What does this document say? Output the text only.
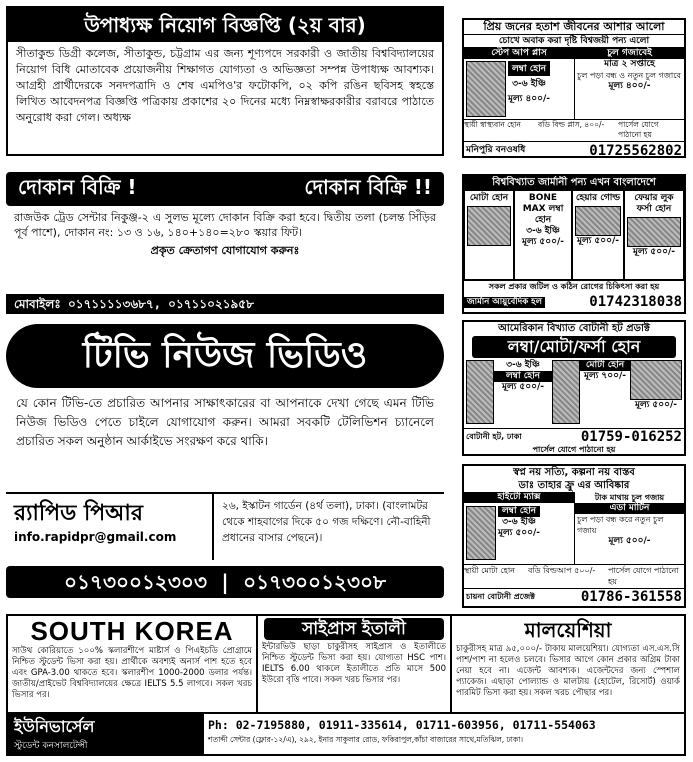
উপাধ্যক্ষ নিয়োগ বিজ্ঞপ্তি (২য় বার)
সীতাকুন্ড ডিগ্রী কলেজ, সীতাকুন্ড, চট্টগ্রাম এর জন্য শূণ্যপদে সরকারী ও জাতীয় বিশ্ববিদ্যালয়ের নিয়োগ বিধি মোতাবেক প্রয়োজনীয় শিক্ষাগত যোগ্যতা ও অভিজ্ঞতা সম্পন্ন উপাধ্যক্ষ আবশ্যক। আগ্রহী প্রার্থীদেরকে সনদপত্রাদি ও শেষ এমপিও'র ফটোকপি, ০২ কপি রঙিন ছবিসহ স্বহস্তে লিখিত আবেদনপত্র বিজ্ঞপ্তি পত্রিকায় প্রকাশের ২০ দিনের মধ্যে নিম্নস্বাক্ষরকারীর বরাবরে পাঠাতে অনুরোধ করা গেল। অধ্যক্ষ
দোকান বিক্রি !	দোকান বিক্রি !!
রাজউক ট্রেড সেন্টার নিকুঞ্জ-২ এ সুলভ মূল্যে দোকান বিক্রি করা হবে। দ্বিতীয় তলা (চলন্ত সিঁড়ির পূর্ব পাশে), দোকান নং: ১৩ ও ১৬, ১৪০+১৪০=২৮০ স্কয়ার ফিট।
প্রকৃত ক্রেতাগণ যোগাযোগ করুনঃ
মোবাইলঃ ০১৭১১১১৩৬৮৭, ০১৭১১০২১৯৫৮
টিভি নিউজ ভিডিও
যে কোন টিভি-তে প্রচারিত আপনার সাক্ষাৎকারের বা আপনাকে দেখা গেছে এমন টিভি নিউজ ভিডিও পেতে চাইলে যোগাযোগ করুন। আমরা সবকটি টেলিভিশন চ্যানেলে প্রচারিত সকল অনুষ্ঠান আর্কাইভে সংরক্ষণ করে থাকি।
র‍্যাপিড পিআর
info.rapidpr@gmail.com
২৬, ইস্কাটন গার্ডেন (৪র্থ তলা), ঢাকা। (বাংলামটর থেকে শাহবাগের দিকে ৫০ গজ দক্ষিণে। নৌ-বাহিনী প্রধানের বাসার পেছনে)।
০১৭৩০০১২৩০৩ | ০১৭৩০০১২৩০৮
প্রিয় জনের হতাশ জীবনের আশার আলো
চোখে অবাক করা দৃষ্টি বিশ্বজয়ী পন্য এলো
স্টেপ আপ প্লাস
লম্বা হোন
৩-৬ ইঞ্চি
মূল্য ৪০০/-
চুল গজাবেই
মাত্র ২ সপ্তাহে
চুল পড়া বন্ধ ও নতুন চুল গজাবে
মূল্য ৪০০/-
স্থায়ী স্বাস্থ্যবান হোন	বডি বিল্ড প্লাস, ৪০০/-	পার্সেল যোগে পাঠানো হয়
মনিপুরি বনওষধি	01725562802
বিশ্ববিখ্যাত জার্মানী পন্য এখন বাংলাদেশে
মোটা হোন	BONE MAX লম্বা হোন
৩-৬ ইঞ্চি
মূল্য ৫০০/-
হেয়ার গোল্ড
মূল্য ৫০০/-
ফেয়ার লুক ফর্সা হোন
মূল্য ৫০০/-
সকল প্রকার জটিল ও কঠিন রোগের চিকিৎসা করা হয়
জার্মান আয়ুর্বেদিক হল	01742318038
আমেরিকান বিখ্যাত বোটানী হট প্রডাক্ট
লম্বা/মোটা/ফর্সা হোন
৩-৬ ইঞ্চি
লম্বা হোন
মূল্য ৫০০/-
মোটা হোন
মূল্য ৭০০/-
মূল্য ৫০০/-
বোটানী হট, ঢাকা	01759-016252
পার্সেল যোগে পাঠানো হয়
স্বপ্ন নয় সত্যি, কল্পনা নয় বাস্তব
ডাঃ তাহার ফ্রু এর আবিষ্কার
হাইটো ম্যাক্স
লম্বা হোন
৩-৬ ইঞ্চি
মূল্য ৫০০/-
টাক মাথায় চুল গজায়
এডা মার্টিন
চুল পড়া বন্ধ করে নতুন চুল গজায়
মূল্য ৫০০/-
স্থায়ী মোটা হোন	বডি বিল্ডআপ ৫০০/-	পার্সেল যোগে পাঠানো হয়
চায়না বোটানী প্রজেক্ট	01786-361558
SOUTH KOREA
সাউথ কোরিয়াতে ১০০% স্কলারশীপে মাষ্টার্স ও পিএইচডি প্রোগ্রামে নিশ্চিত স্টুডেন্ট ভিসা করা হয়। প্রার্থীকে অবশ্যই অনার্স পাশ হতে হবে এবং GPA-3.00 থাকতে হবে। স্কলারশীপ 1000-2000 ডলার পর্যন্ত। জাতীয়/প্রাইভেট বিশ্ববিদ্যালয়ের ক্ষেত্রে IELTS 5.5 লাগবে। সকল খরচ ভিসার পর।
সাইপ্রাস ইতালী
ইন্টারভিউ ছাড়া চাকুরীসহ সাইপ্রাস ও ইতালীতে নিশ্চিত স্টুডেন্ট ভিসা করা হয়। যোগ্যতা HSC পাশ। IELTS 6.00 থাকলে ইতালীতে প্রতি মাসে 500 ইউরো বৃত্তি পাবে। সকল খরচ ভিসার পর।
মালয়েশিয়া
চাকুরীসহ মাত্র ৯৫,০০০/- টাকায় মালয়েশিয়া। যোগ্যতা এস.এস.সি পাশ/পাশ না হলেও চলবে। ভিসার আগে কোন প্রকার অগ্রিম টাকা নেয়া হবে না। এজেন্ট আবশ্যক। এজেন্টদের জন্য স্পেশাল প্যাকেজ। এছাড়া পোল্যান্ড ও মালটায় (হোটেল, রিসোর্ট) ওয়ার্ক পারমিট ভিসা করা হয়। সকল খরচ পৌছার পর।
ইউনিভার্সেল
স্টুডেন্ট কনসালটেন্সী
Ph: 02-7195880, 01911-335614, 01711-603956, 01711-554063
শতাব্দী সেন্টার (ফ্লোর-১২/এ), ২৯২, ইনার সাকুলার রোড, ফকিরাপুল,কাঁচা বাজারের সাথে,মতিঝিল, ঢাকা।
